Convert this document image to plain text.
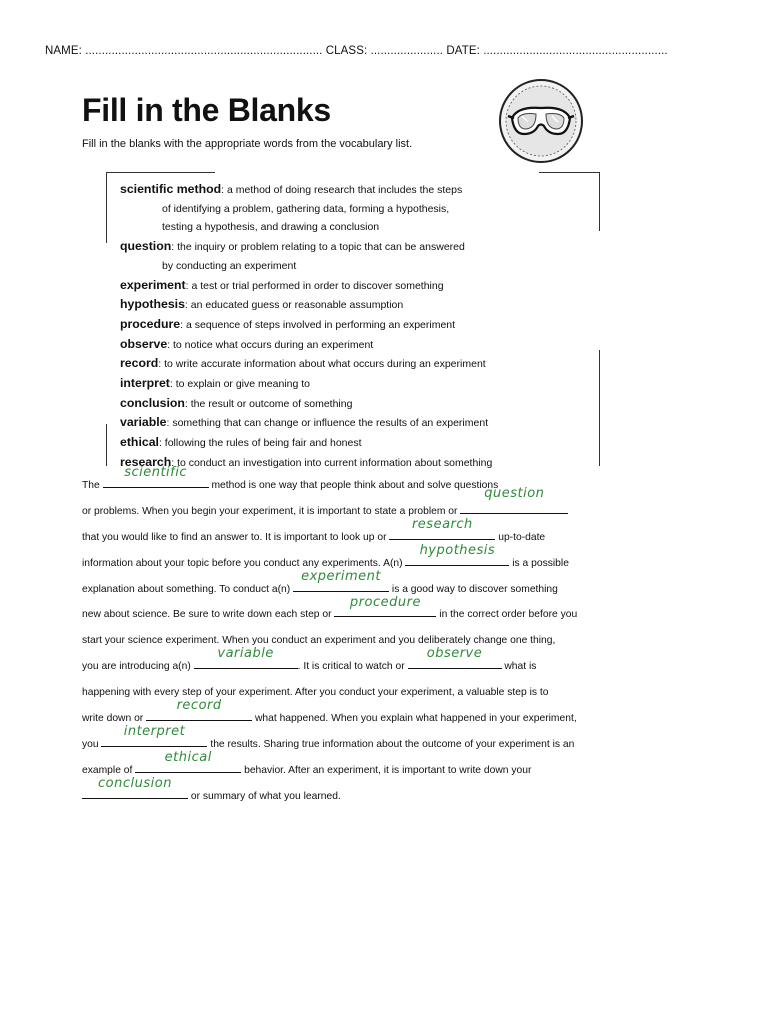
NAME: ........................................................................ CLASS: ...................... DATE: ........................................................
Fill in the Blanks
Fill in the blanks with the appropriate words from the vocabulary list.
scientific method: a method of doing research that includes the steps
of identifying a problem, gathering data, forming a hypothesis,
testing a hypothesis, and drawing a conclusion
question: the inquiry or problem relating to a topic that can be answered
by conducting an experiment
experiment: a test or trial performed in order to discover something
hypothesis: an educated guess or reasonable assumption
procedure: a sequence of steps involved in performing an experiment
observe: to notice what occurs during an experiment
record: to write accurate information about what occurs during an experiment
interpret: to explain or give meaning to
conclusion: the result or outcome of something
variable: something that can change or influence the results of an experiment
ethical: following the rules of being fair and honest
research: to conduct an investigation into current information about something
The
scientific
method is one way that people think about and solve questions
or problems. When you begin your experiment, it is important to state a problem or
question
that you would like to find an answer to. It is important to look up or
research
up-to-date
information about your topic before you conduct any experiments. A(n)
hypothesis
is a possible
explanation about something. To conduct a(n)
experiment
is a good way to discover something
new about science. Be sure to write down each step or
procedure
in the correct order before you
start your science experiment. When you conduct an experiment and you deliberately change one thing,
you are introducing a(n)
variable
. It is critical to watch or
observe
what is
happening with every step of your experiment. After you conduct your experiment, a valuable step is to
write down or
record
what happened. When you explain what happened in your experiment,
you
interpret
the results. Sharing true information about the outcome of your experiment is an
example of
ethical
behavior. After an experiment, it is important to write down your
conclusion
or summary of what you learned.
